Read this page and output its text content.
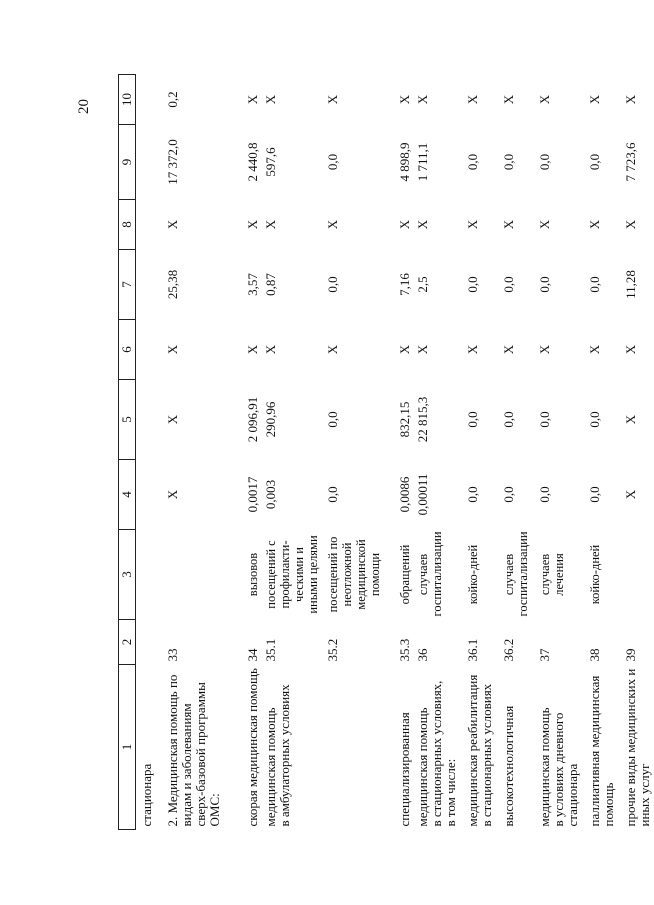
20
1	2	3	4	5	6	7	8	9	10
стационара									
2. Медицинская помощь по видам и заболеваниям сверх-базовой программы ОМС:	33		X	X	X	25,38	X	17 372,0	0,2
скорая медицинская помощь	34	вызовов	0,0017	2 096,91	X	3,57	X	2 440,8	X

медицинская помощь в амбулаторных условиях	35.1	посещений с профилакти-ческими и иными целями	0,003	290,96	X	0,87	X	597,6	X
	35.2	посещений по неотложной медицинской помощи	0,0	0,0	X	0,0	X	0,0	X
специализированная	35.3	обращений	0,0086	832,15	X	7,16	X	4 898,9	X

медицинская помощь в стационарных условиях, в том числе:	36	случаев госпитализации	0,00011	22 815,3	X	2,5	X	1 711,1	X

медицинская реабилитация в стационарных условиях	36.1	койко-дней	0,0	0,0	X	0,0	X	0,0	X
высокотехнологичная	36.2	случаев госпитализации	0,0	0,0	X	0,0	X	0,0	X

медицинская помощь в условиях дневного стационара	37	случаев лечения	0,0	0,0	X	0,0	X	0,0	X

паллиативная медицинская помощь	38	койко-дней	0,0	0,0	X	0,0	X	0,0	X
прочие виды медицинских и иных услуг	39		X	X	X	11,28	X	7 723,6	X
